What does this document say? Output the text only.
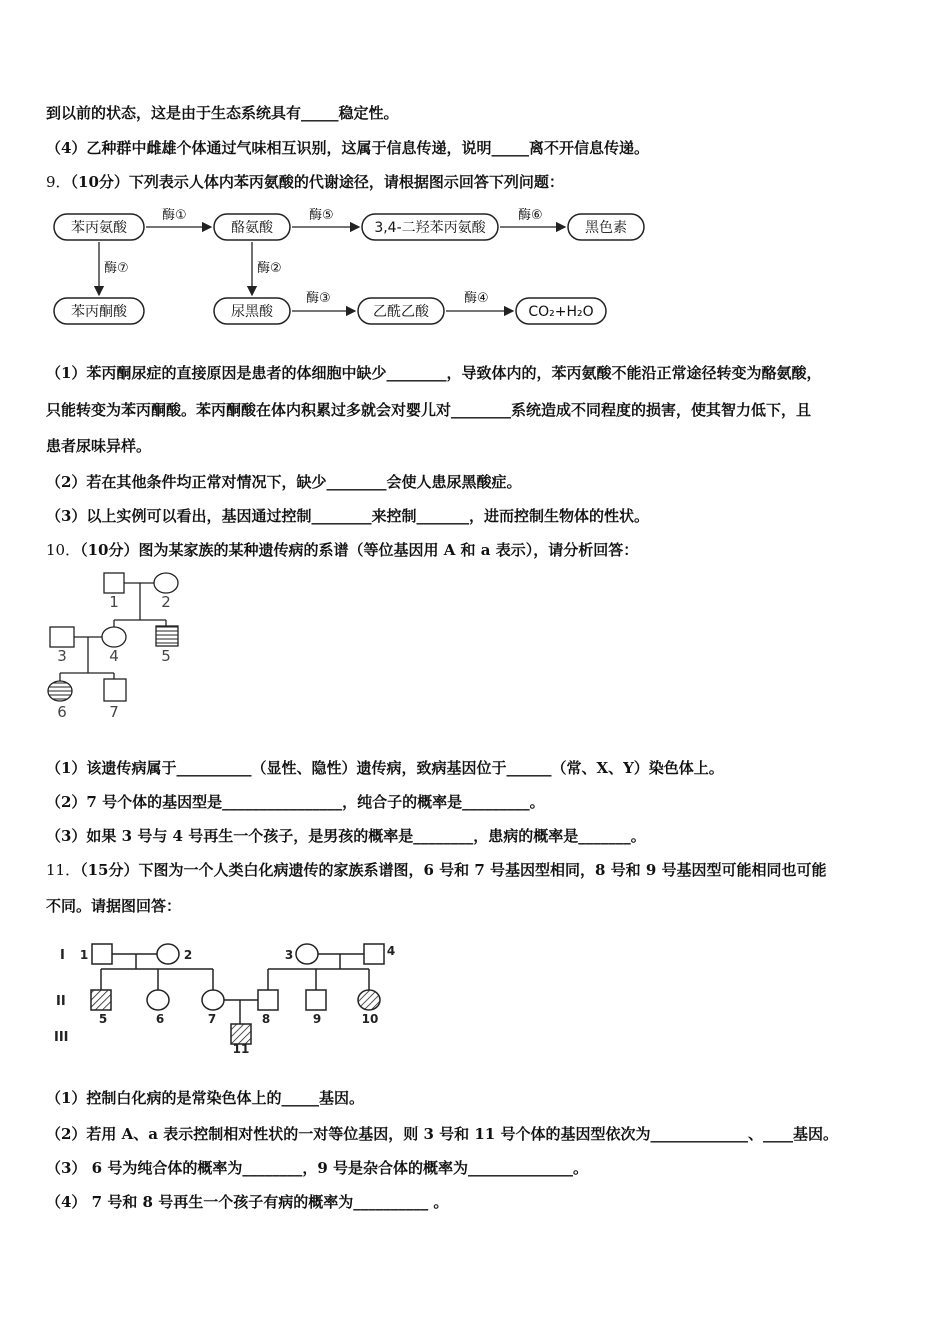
到以前的状态，这是由于生态系统具有_____稳定性。
（4）乙种群中雌雄个体通过气味相互识别，这属于信息传递，说明_____离不开信息传递。
9．（10分）下列表示人体内苯丙氨酸的代谢途径，请根据图示回答下列问题：
苯丙氨酸	酪氨酸	3,4-二羟苯丙氨酸	黑色素
苯丙酮酸	尿黑酸	乙酰乙酸	CO₂+H₂O
酶①	酶⑤	酶⑥
酶⑦	酶②
酶③	酶④
（1）苯丙酮尿症的直接原因是患者的体细胞中缺少________，导致体内的，苯丙氨酸不能沿正常途径转变为酪氨酸，
只能转变为苯丙酮酸。苯丙酮酸在体内积累过多就会对婴儿对________系统造成不同程度的损害，使其智力低下，且
患者尿味异样。
（2）若在其他条件均正常对情况下，缺少________会使人患尿黑酸症。
（3）以上实例可以看出，基因通过控制________来控制_______，进而控制生物体的性状。
10．（10分）图为某家族的某种遗传病的系谱（等位基因用 A 和 a 表示），请分析回答：
1	2
3	4	5
6	7
（1）该遗传病属于__________（显性、隐性）遗传病，致病基因位于______（常、X、Y）染色体上。
（2）7 号个体的基因型是________________，纯合子的概率是_________。
（3）如果 3 号与 4 号再生一个孩子，是男孩的概率是________，患病的概率是_______。
11．（15分）下图为一个人类白化病遗传的家族系谱图，6 号和 7 号基因型相同，8 号和 9 号基因型可能相同也可能
不同。请据图回答：
I
II
III
1	2	3	4
5	6	7	8	9	10
11
（1）控制白化病的是常染色体上的_____基因。
（2）若用 A、a 表示控制相对性状的一对等位基因，则 3 号和 11 号个体的基因型依次为_____________、____基因。
（3） 6 号为纯合体的概率为________，9 号是杂合体的概率为______________。
（4） 7 号和 8 号再生一个孩子有病的概率为__________ 。
